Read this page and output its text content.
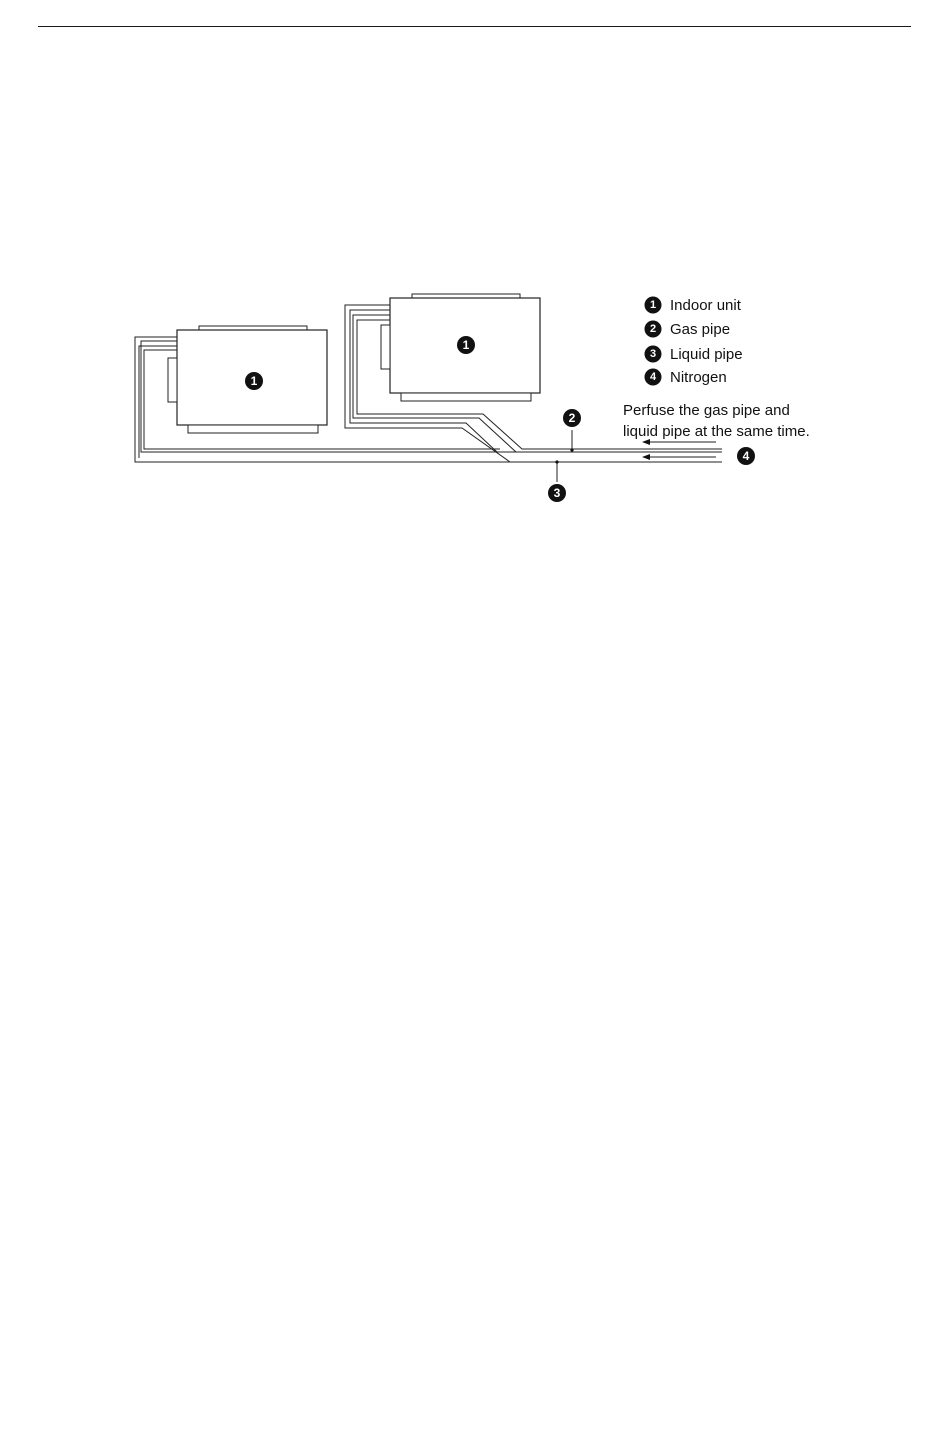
1
1
2
3
4
1 Indoor unit
2 Gas pipe
3 Liquid pipe
4 Nitrogen
Perfuse the gas pipe and
liquid pipe at the same time.
